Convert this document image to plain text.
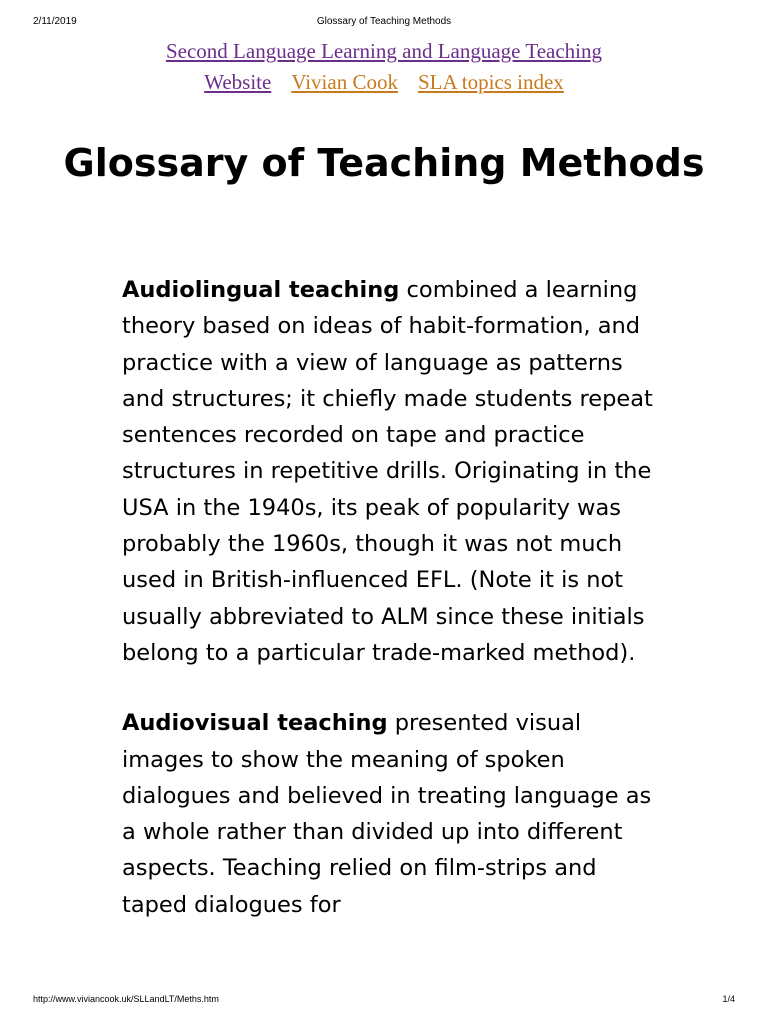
2/11/2019	Glossary of Teaching Methods
Second Language Learning and Language Teaching
Website Vivian Cook SLA topics index
Glossary of Teaching Methods

Audiolingual teaching combined a learning theory based on ideas of habit-formation, and practice with a view of language as patterns and structures; it chiefly made students repeat sentences recorded on tape and practice structures in repetitive drills. Originating in the USA in the 1940s, its peak of popularity was probably the 1960s, though it was not much used in British-influenced EFL. (Note it is not usually abbreviated to ALM since these initials belong to a particular trade-marked method).

Audiovisual teaching presented visual images to show the meaning of spoken dialogues and believed in treating language as a whole rather than divided up into different aspects. Teaching relied on film-strips and taped dialogues for

http://www.viviancook.uk/SLLandLT/Meths.htm	1/4
